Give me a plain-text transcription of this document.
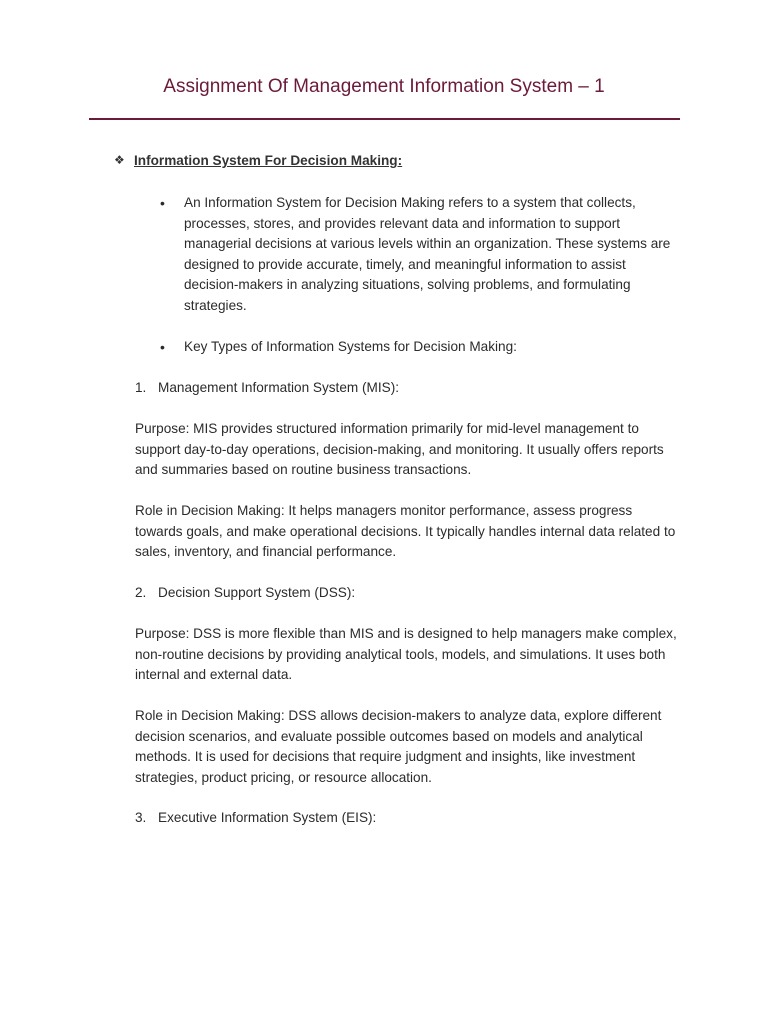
Assignment Of Management Information System – 1
❖ Information System For Decision Making:
•	An Information System for Decision Making refers to a system that collects, processes, stores, and provides relevant data and information to support managerial decisions at various levels within an organization. These systems are designed to provide accurate, timely, and meaningful information to assist decision-makers in analyzing situations, solving problems, and formulating strategies.
•	Key Types of Information Systems for Decision Making:
1. Management Information System (MIS):
Purpose: MIS provides structured information primarily for mid-level management to support day-to-day operations, decision-making, and monitoring. It usually offers reports and summaries based on routine business transactions.
Role in Decision Making: It helps managers monitor performance, assess progress towards goals, and make operational decisions. It typically handles internal data related to sales, inventory, and financial performance.
2. Decision Support System (DSS):
Purpose: DSS is more flexible than MIS and is designed to help managers make complex, non-routine decisions by providing analytical tools, models, and simulations. It uses both internal and external data.
Role in Decision Making: DSS allows decision-makers to analyze data, explore different decision scenarios, and evaluate possible outcomes based on models and analytical methods. It is used for decisions that require judgment and insights, like investment strategies, product pricing, or resource allocation.
3. Executive Information System (EIS):
